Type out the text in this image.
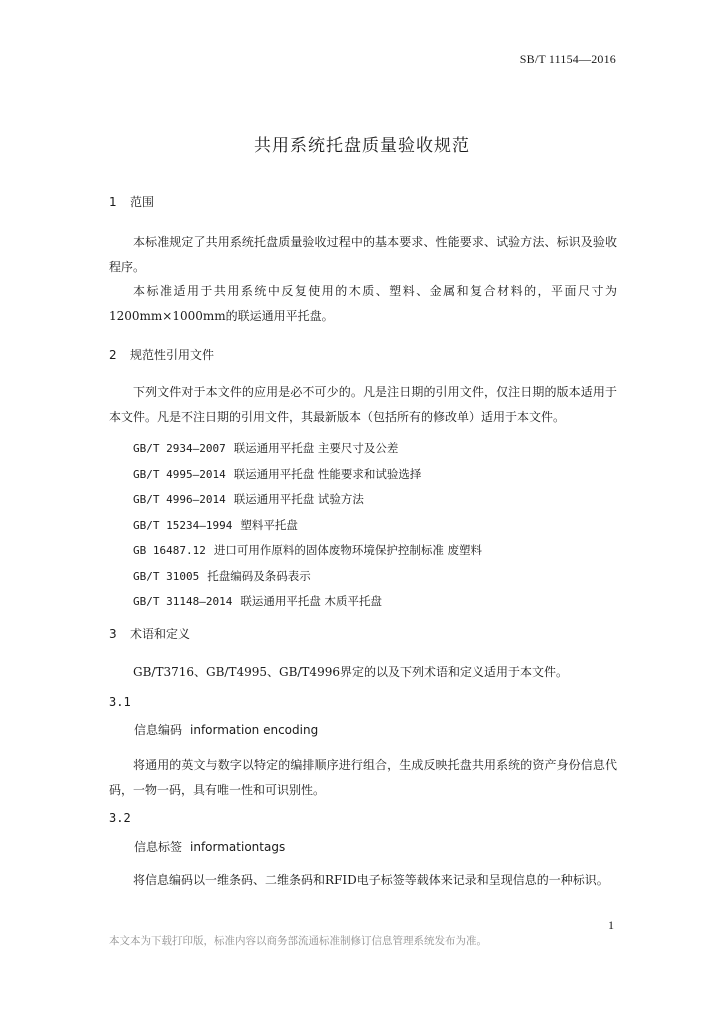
SB/T 11154—2016
共用系统托盘质量验收规范
1 范围

本标准规定了共用系统托盘质量验收过程中的基本要求、性能要求、试验方法、标识及验收程序。

本标准适用于共用系统中反复使用的木质、塑料、金属和复合材料的，平面尺寸为1200mm×1000mm的联运通用平托盘。

2 规范性引用文件

下列文件对于本文件的应用是必不可少的。凡是注日期的引用文件，仅注日期的版本适用于本文件。凡是不注日期的引用文件，其最新版本（包括所有的修改单）适用于本文件。

GB/T 2934—2007 联运通用平托盘 主要尺寸及公差
GB/T 4995—2014 联运通用平托盘 性能要求和试验选择
GB/T 4996—2014 联运通用平托盘 试验方法
GB/T 15234—1994 塑料平托盘
GB 16487.12 进口可用作原料的固体废物环境保护控制标准 废塑料
GB/T 31005 托盘编码及条码表示
GB/T 31148—2014 联运通用平托盘 木质平托盘
3 术语和定义

GB/T3716、GB/T4995、GB/T4996界定的以及下列术语和定义适用于本文件。

3.1
信息编码 information encoding

将通用的英文与数字以特定的编排顺序进行组合，生成反映托盘共用系统的资产身份信息代码，一物一码，具有唯一性和可识别性。

3.2
信息标签 informationtags

将信息编码以一维条码、二维条码和RFID电子标签等载体来记录和呈现信息的一种标识。

1
本文本为下载打印版，标准内容以商务部流通标准制修订信息管理系统发布为准。
